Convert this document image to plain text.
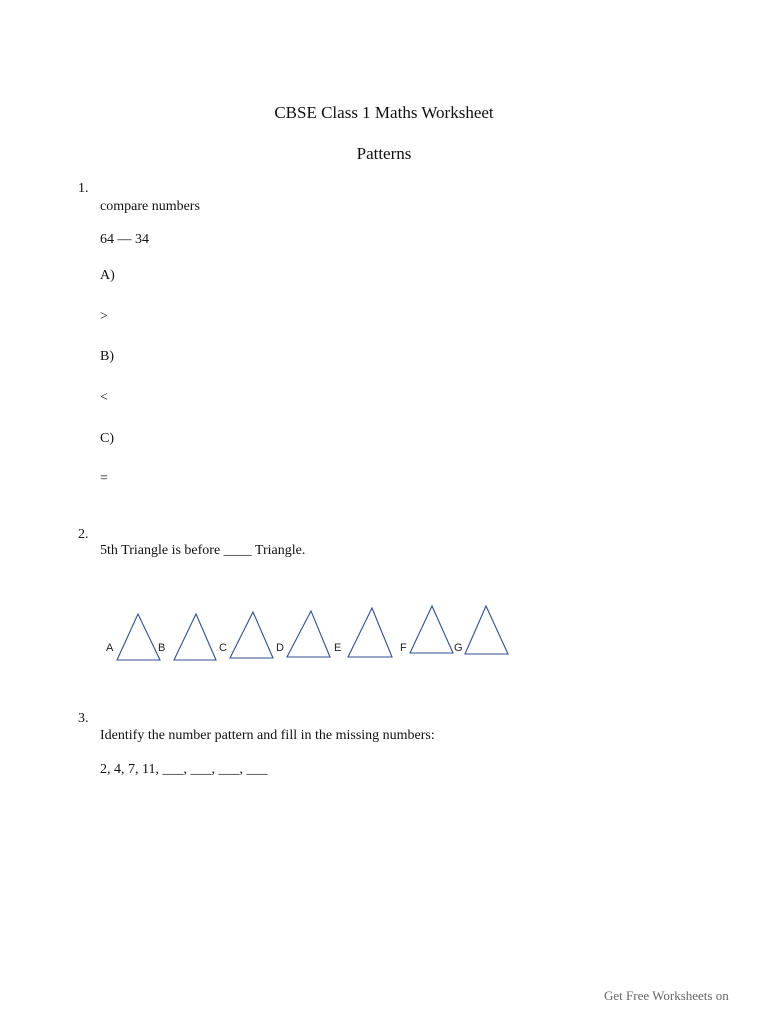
CBSE Class 1 Maths Worksheet
Patterns
1.
compare numbers
64 — 34
A)
>
B)
<
C)
=
2.
5th Triangle is before ____ Triangle.
A	B	C	D	E	F	G
3.
Identify the number pattern and fill in the missing numbers:
2, 4, 7, 11, ___, ___, ___, ___
Get Free Worksheets on
